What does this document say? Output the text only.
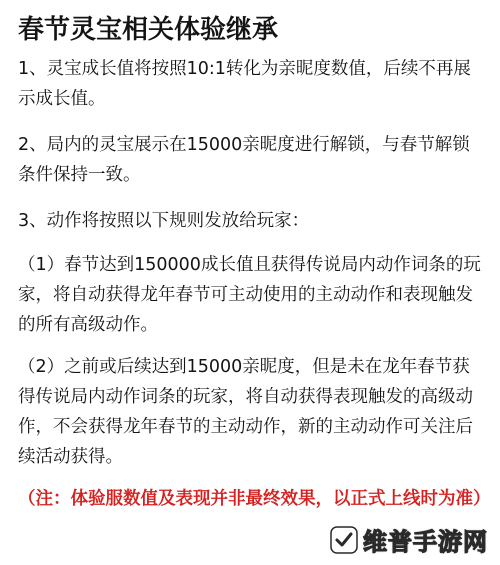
春节灵宝相关体验继承

1、灵宝成长值将按照10:1转化为亲昵度数值，后续不再展示成长值。

2、局内的灵宝展示在15000亲昵度进行解锁，与春节解锁条件保持一致。

3、动作将按照以下规则发放给玩家：

（1）春节达到150000成长值且获得传说局内动作词条的玩家，将自动获得龙年春节可主动使用的主动动作和表现触发的所有高级动作。

（2）之前或后续达到15000亲昵度，但是未在龙年春节获得传说局内动作词条的玩家，将自动获得表现触发的高级动作，不会获得龙年春节的主动动作，新的主动动作可关注后续活动获得。

（注：体验服数值及表现并非最终效果，以正式上线时为准）

维普手游网
